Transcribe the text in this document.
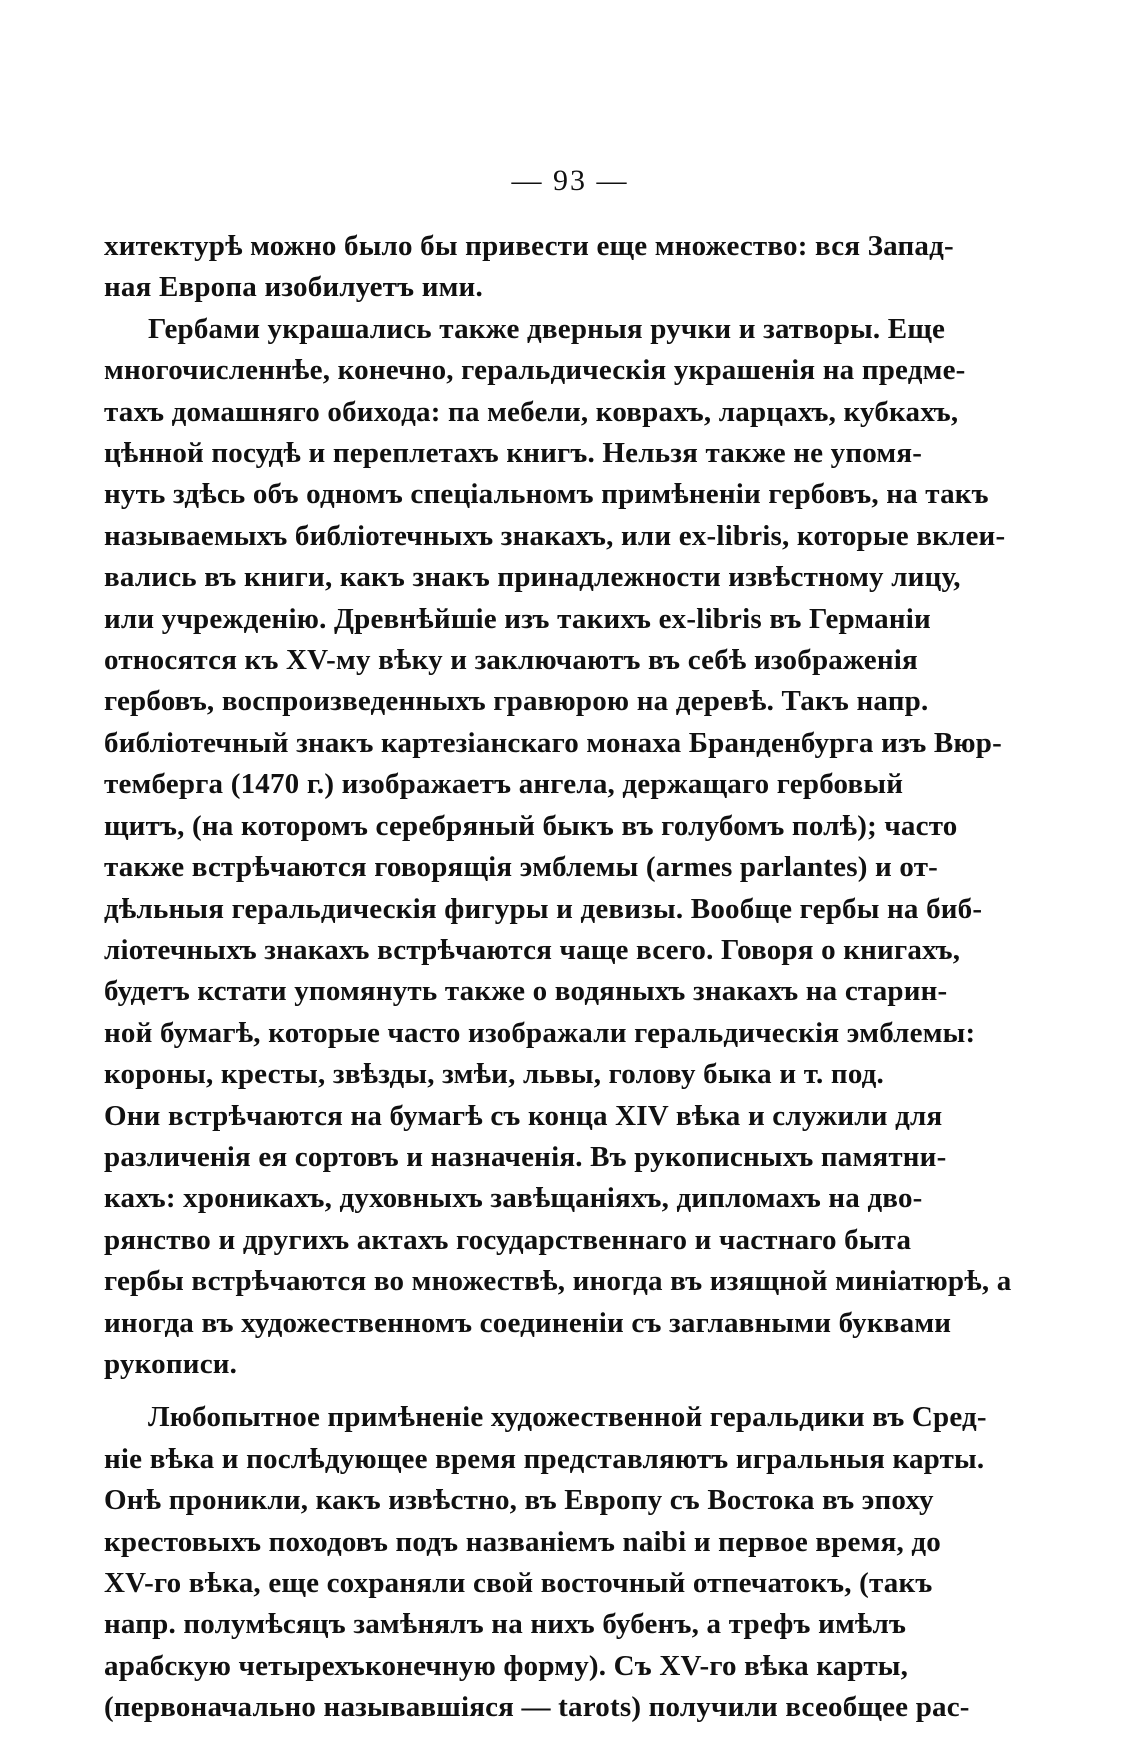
— 93 —
хитектурѣ можно было бы привести еще множество: вся Запад-
ная Европа изобилуетъ ими.
Гербами украшались также дверныя ручки и затворы. Еще
многочисленнѣе, конечно, геральдическія украшенія на предме-
тахъ домашняго обихода: па мебели, коврахъ, ларцахъ, кубкахъ,
цѣнной посудѣ и переплетахъ книгъ. Нельзя также не упомя-
нуть здѣсь объ одномъ спеціальномъ примѣненіи гербовъ, на такъ
называемыхъ библіотечныхъ знакахъ, или ex-libris, которые вклеи-
вались въ книги, какъ знакъ принадлежности извѣстному лицу,
или учрежденію. Древнѣйшіе изъ такихъ ex-libris въ Германіи
относятся къ XV-му вѣку и заключаютъ въ себѣ изображенія
гербовъ, воспроизведенныхъ гравюрою на деревѣ. Такъ напр.
библіотечный знакъ картезіанскаго монаха Бранденбурга изъ Вюр-
темберга (1470 г.) изображаетъ ангела, держащаго гербовый
щитъ, (на которомъ серебряный быкъ въ голубомъ полѣ); часто
также встрѣчаются говорящія эмблемы (armes parlantes) и от-
дѣльныя геральдическія фигуры и девизы. Вообще гербы на биб-
ліотечныхъ знакахъ встрѣчаются чаще всего. Говоря о книгахъ,
будетъ кстати упомянуть также о водяныхъ знакахъ на старин-
ной бумагѣ, которые часто изображали геральдическія эмблемы:
короны, кресты, звѣзды, змѣи, львы, голову быка и т. под.
Они встрѣчаются на бумагѣ съ конца XIV вѣка и служили для
различенія ея сортовъ и назначенія. Въ рукописныхъ памятни-
кахъ: хроникахъ, духовныхъ завѣщаніяхъ, дипломахъ на дво-
рянство и другихъ актахъ государственнаго и частнаго быта
гербы встрѣчаются во множествѣ, иногда въ изящной миніатюрѣ, а
иногда въ художественномъ соединеніи съ заглавными буквами
рукописи.
Любопытное примѣненіе художественной геральдики въ Сред-
ніе вѣка и послѣдующее время представляютъ игральныя карты.
Онѣ проникли, какъ извѣстно, въ Европу съ Востока въ эпоху
крестовыхъ походовъ подъ названіемъ naibi и первое время, до
XV-го вѣка, еще сохраняли свой восточный отпечатокъ, (такъ
напр. полумѣсяцъ замѣнялъ на нихъ бубенъ, а трефъ имѣлъ
арабскую четырехъконечную форму). Съ XV-го вѣка карты,
(первоначально называвшіяся — tarots) получили всеобщее рас-
